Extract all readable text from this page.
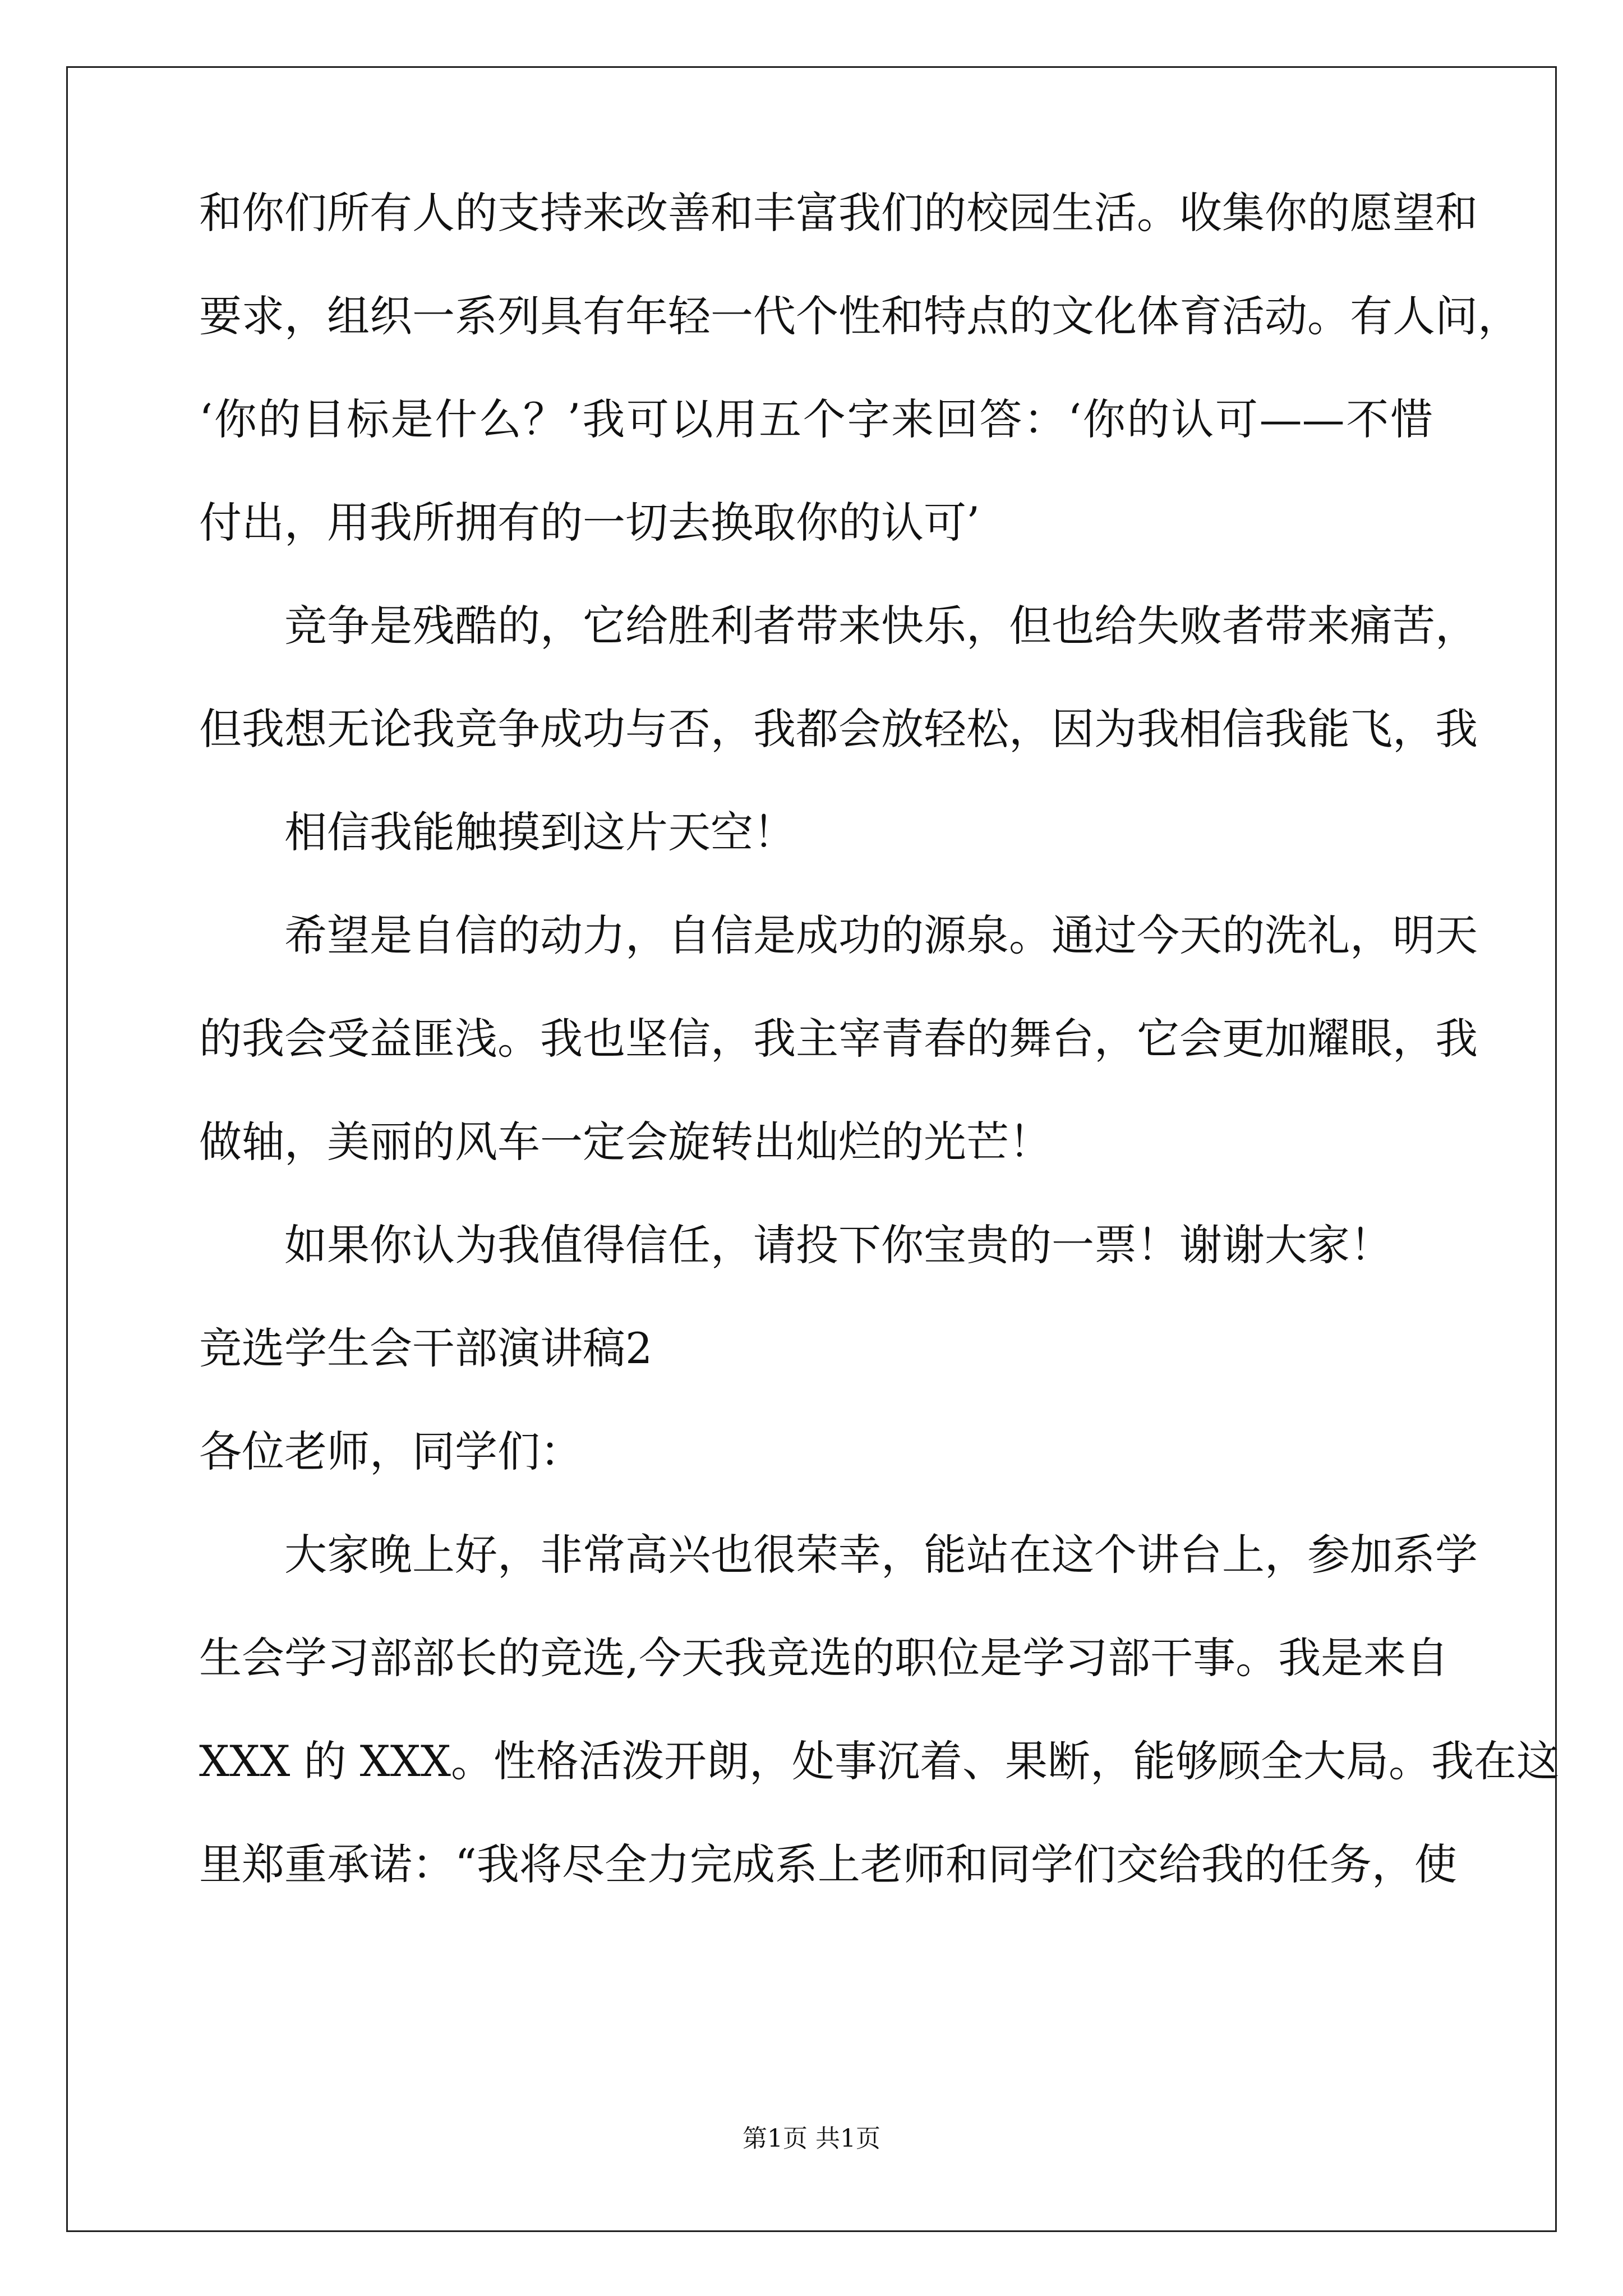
和你们所有人的支持来改善和丰富我们的校园生活。收集你的愿望和
要求，组织一系列具有年轻一代个性和特点的文化体育活动。有人问，
‘你的目标是什么？’我可以用五个字来回答：‘你的认可——不惜
付出，用我所拥有的一切去换取你的认可’
竞争是残酷的，它给胜利者带来快乐，但也给失败者带来痛苦，
但我想无论我竞争成功与否，我都会放轻松，因为我相信我能飞，我
相信我能触摸到这片天空！
希望是自信的动力，自信是成功的源泉。通过今天的洗礼，明天
的我会受益匪浅。我也坚信，我主宰青春的舞台，它会更加耀眼，我
做轴，美丽的风车一定会旋转出灿烂的光芒！
如果你认为我值得信任，请投下你宝贵的一票！谢谢大家！
竞选学生会干部演讲稿2
各位老师，同学们：
大家晚上好，非常高兴也很荣幸，能站在这个讲台上，参加系学
生会学习部部长的竞选,今天我竞选的职位是学习部干事。我是来自
XXX 的 XXX。性格活泼开朗，处事沉着、果断，能够顾全大局。我在这
里郑重承诺：“我将尽全力完成系上老师和同学们交给我的任务，使
第1页 共1页
